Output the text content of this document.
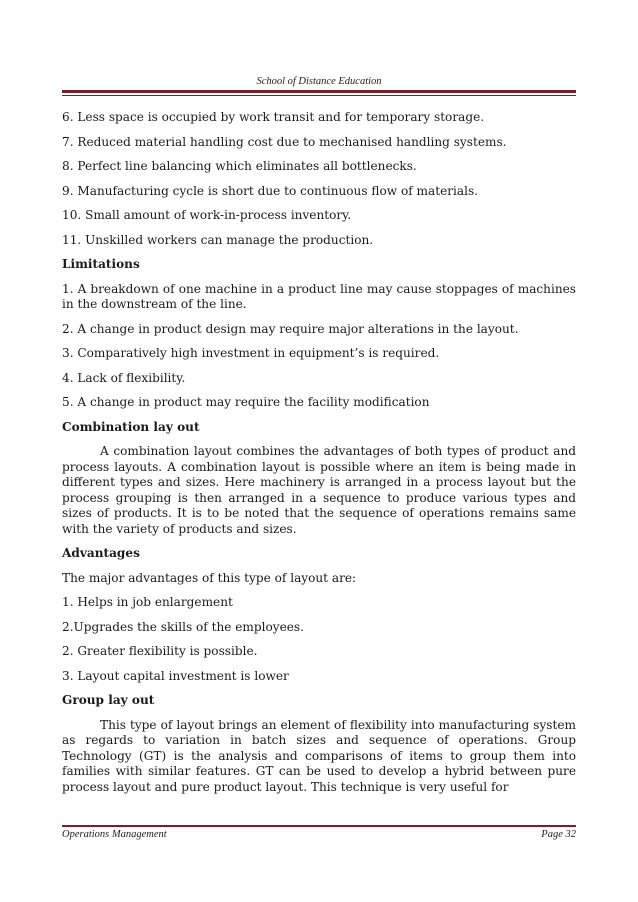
School of Distance Education

6. Less space is occupied by work transit and for temporary storage.

7. Reduced material handling cost due to mechanised handling systems.

8. Perfect line balancing which eliminates all bottlenecks.

9. Manufacturing cycle is short due to continuous flow of materials.

10. Small amount of work-in-process inventory.

11. Unskilled workers can manage the production.

Limitations

1. A breakdown of one machine in a product line may cause stoppages of machines in the downstream of the line.

2. A change in product design may require major alterations in the layout.

3. Comparatively high investment in equipment’s is required.

4. Lack of flexibility.

5. A change in product may require the facility modification

Combination lay out

A combination layout combines the advantages of both types of product and process layouts. A combination layout is possible where an item is being made in different types and sizes. Here machinery is arranged in a process layout but the process grouping is then arranged in a sequence to produce various types and sizes of products. It is to be noted that the sequence of operations remains same with the variety of products and sizes.

Advantages

The major advantages of this type of layout are:

1. Helps in job enlargement

2.Upgrades the skills of the employees.

2. Greater flexibility is possible.

3. Layout capital investment is lower

Group lay out

This type of layout brings an element of flexibility into manufacturing system as regards to variation in batch sizes and sequence of operations. Group Technology (GT) is the analysis and comparisons of items to group them into families with similar features. GT can be used to develop a hybrid between pure process layout and pure product layout. This technique is very useful for

Operations Management	Page 32
